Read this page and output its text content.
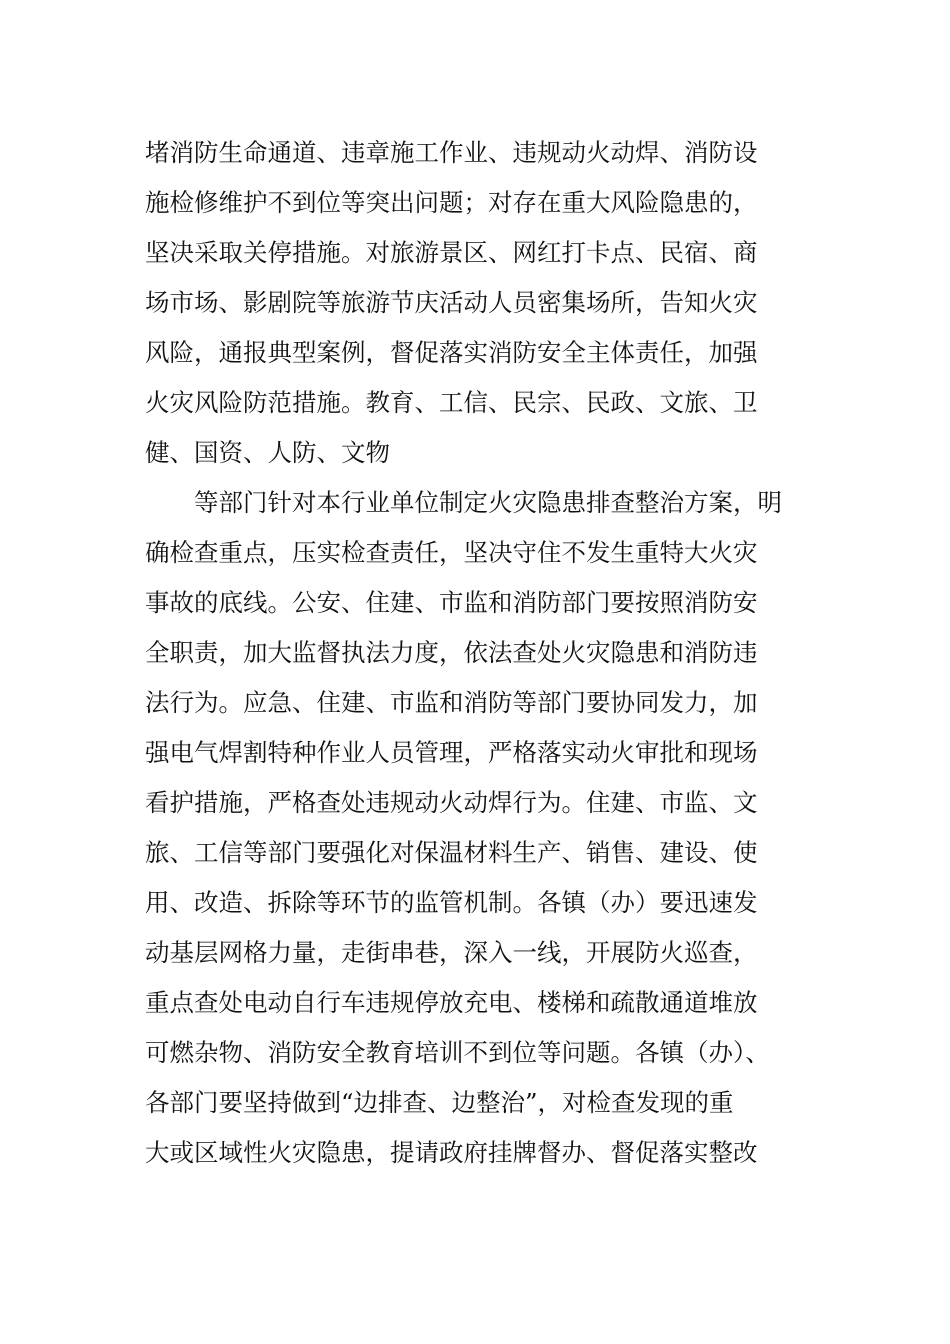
堵消防生命通道、违章施工作业、违规动火动焊、消防设
施检修维护不到位等突出问题；对存在重大风险隐患的，
坚决采取关停措施。对旅游景区、网红打卡点、民宿、商
场市场、影剧院等旅游节庆活动人员密集场所，告知火灾
风险，通报典型案例，督促落实消防安全主体责任，加强
火灾风险防范措施。教育、工信、民宗、民政、文旅、卫
健、国资、人防、文物
　　等部门针对本行业单位制定火灾隐患排查整治方案，明
确检查重点，压实检查责任，坚决守住不发生重特大火灾
事故的底线。公安、住建、市监和消防部门要按照消防安
全职责，加大监督执法力度，依法查处火灾隐患和消防违
法行为。应急、住建、市监和消防等部门要协同发力，加
强电气焊割特种作业人员管理，严格落实动火审批和现场
看护措施，严格查处违规动火动焊行为。住建、市监、文
旅、工信等部门要强化对保温材料生产、销售、建设、使
用、改造、拆除等环节的监管机制。各镇（办）要迅速发
动基层网格力量，走街串巷，深入一线，开展防火巡查，
重点查处电动自行车违规停放充电、楼梯和疏散通道堆放
可燃杂物、消防安全教育培训不到位等问题。各镇（办）、
各部门要坚持做到“边排查、边整治”，对检查发现的重
大或区域性火灾隐患，提请政府挂牌督办、督促落实整改
